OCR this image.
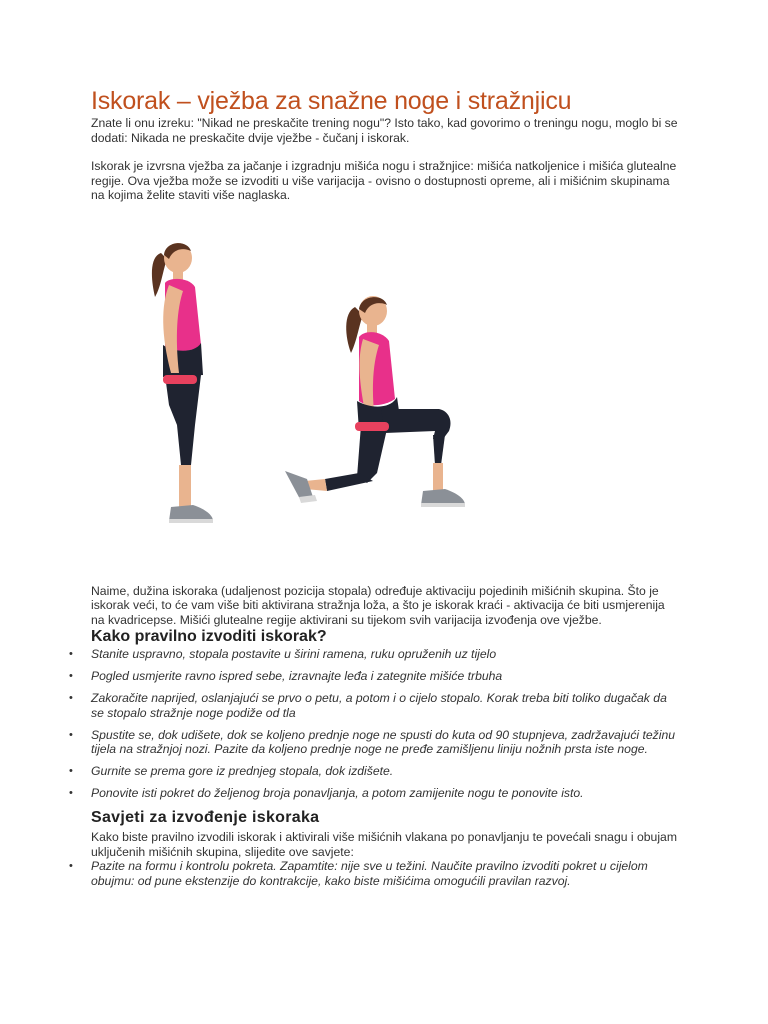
Iskorak – vježba za snažne noge i stražnjicu

Znate li onu izreku: "Nikad ne preskačite trening nogu"? Isto tako, kad govorimo o treningu nogu, moglo bi se dodati: Nikada ne preskačite dvije vježbe - čučanj i iskorak.

Iskorak je izvrsna vježba za jačanje i izgradnju mišića nogu i stražnjice: mišića natkoljenice i mišića glutealne regije. Ova vježba može se izvoditi u više varijacija - ovisno o dostupnosti opreme, ali i mišićnim skupinama na kojima želite staviti više naglaska.

Naime, dužina iskoraka (udaljenost pozicija stopala) određuje aktivaciju pojedinih mišićnih skupina. Što je iskorak veći, to će vam više biti aktivirana stražnja loža, a što je iskorak kraći - aktivacija će biti usmjerenija na kvadricepse. Mišići glutealne regije aktivirani su tijekom svih varijacija izvođenja ove vježbe.

Kako pravilno izvoditi iskorak?
• Stanite uspravno, stopala postavite u širini ramena, ruku opruženih uz tijelo
• Pogled usmjerite ravno ispred sebe, izravnajte leđa i zategnite mišiće trbuha
• Zakoračite naprijed, oslanjajući se prvo o petu, a potom i o cijelo stopalo. Korak treba biti toliko dugačak da se stopalo stražnje noge podiže od tla
• Spustite se, dok udišete, dok se koljeno prednje noge ne spusti do kuta od 90 stupnjeva, zadržavajući težinu tijela na stražnjoj nozi. Pazite da koljeno prednje noge ne pređe zamišljenu liniju nožnih prsta iste noge.
• Gurnite se prema gore iz prednjeg stopala, dok izdišete.
• Ponovite isti pokret do željenog broja ponavljanja, a potom zamijenite nogu te ponovite isto.
Savjeti za izvođenje iskoraka

Kako biste pravilno izvodili iskorak i aktivirali više mišićnih vlakana po ponavljanju te povećali snagu i obujam uključenih mišićnih skupina, slijedite ove savjete:

• Pazite na formu i kontrolu pokreta. Zapamtite: nije sve u težini. Naučite pravilno izvoditi pokret u cijelom obujmu: od pune ekstenzije do kontrakcije, kako biste mišićima omogućili pravilan razvoj.
